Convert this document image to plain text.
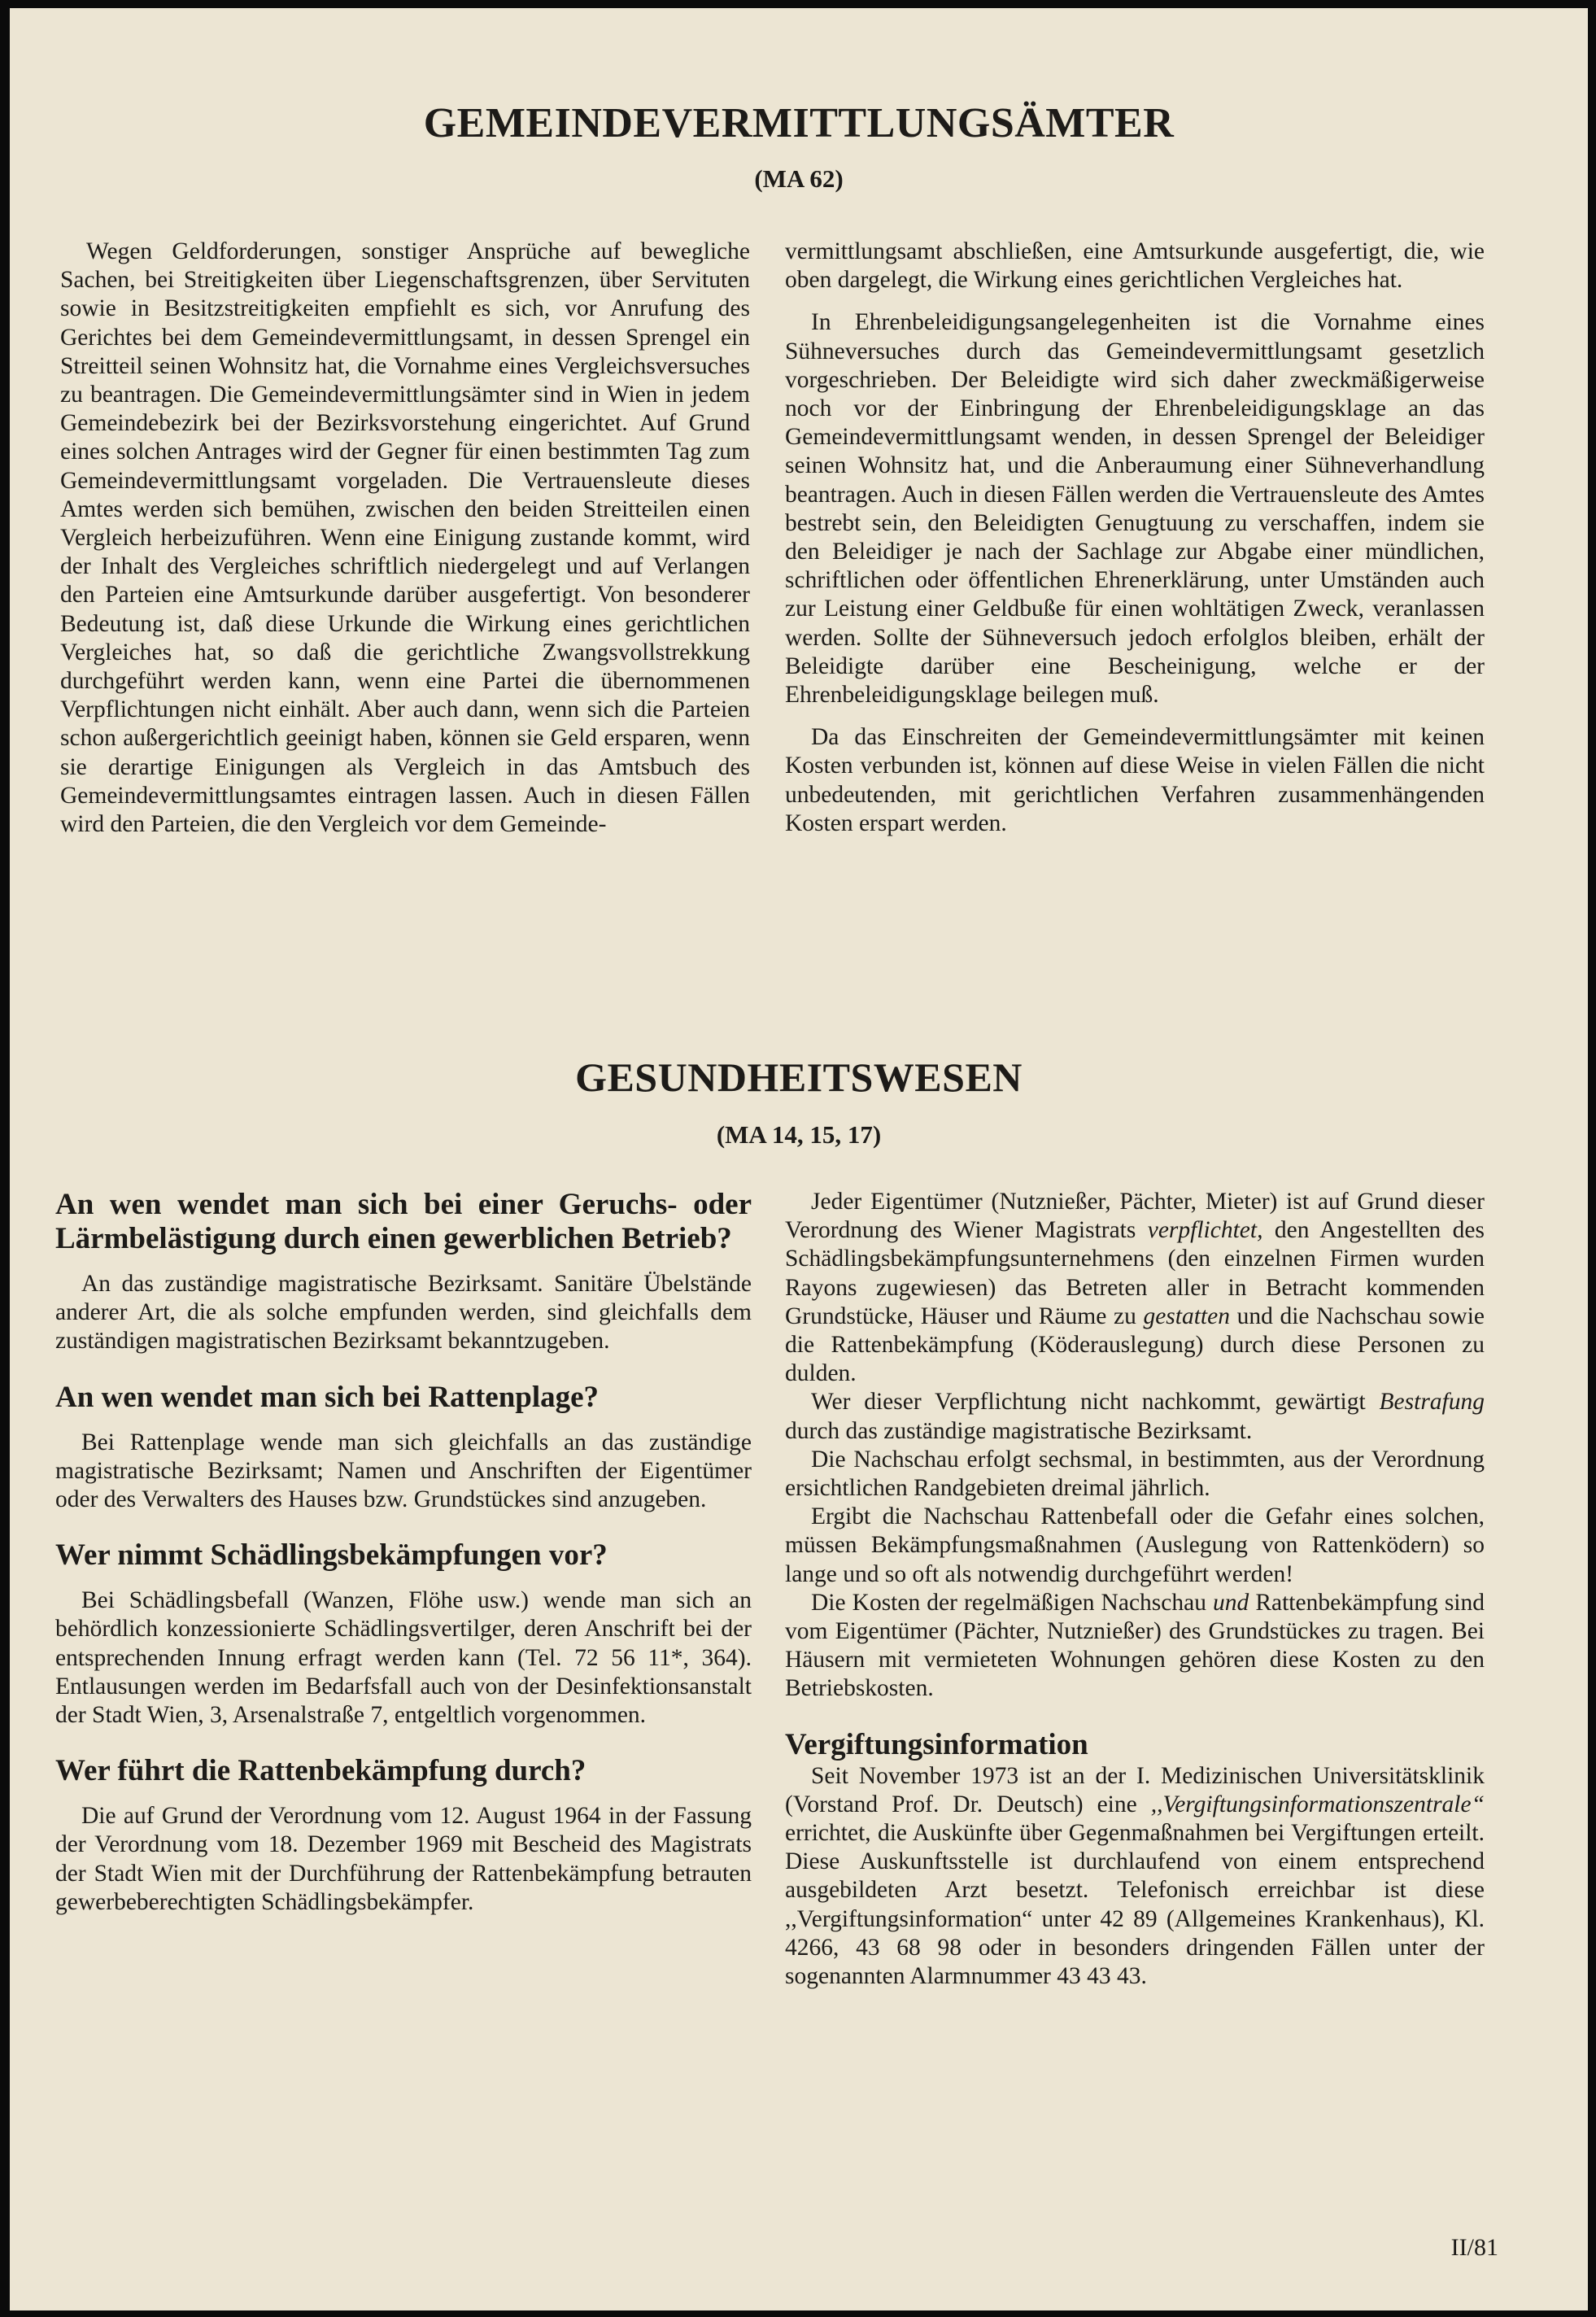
GEMEINDEVERMITTLUNGSÄMTER
(MA 62)

Wegen Geldforderungen, sonstiger Ansprüche auf bewegliche Sachen, bei Streitigkeiten über Liegenschaftsgrenzen, über Servituten sowie in Besitzstreitigkeiten empfiehlt es sich, vor Anrufung des Gerichtes bei dem Gemeindevermittlungsamt, in dessen Sprengel ein Streitteil seinen Wohnsitz hat, die Vornahme eines Vergleichsversuches zu beantragen. Die Gemeindevermittlungsämter sind in Wien in jedem Gemeindebezirk bei der Bezirksvorstehung eingerichtet. Auf Grund eines solchen Antrages wird der Gegner für einen bestimmten Tag zum Gemeindevermittlungsamt vorgeladen. Die Vertrauensleute dieses Amtes werden sich bemühen, zwischen den beiden Streitteilen einen Vergleich herbeizuführen. Wenn eine Einigung zustande kommt, wird der Inhalt des Vergleiches schriftlich niedergelegt und auf Verlangen den Parteien eine Amtsurkunde darüber ausgefertigt. Von besonderer Bedeutung ist, daß diese Urkunde die Wirkung eines gerichtlichen Vergleiches hat, so daß die gerichtliche Zwangsvollstrekkung durchgeführt werden kann, wenn eine Partei die übernommenen Verpflichtungen nicht einhält. Aber auch dann, wenn sich die Parteien schon außergerichtlich geeinigt haben, können sie Geld ersparen, wenn sie derartige Einigungen als Vergleich in das Amtsbuch des Gemeindevermittlungsamtes eintragen lassen. Auch in diesen Fällen wird den Parteien, die den Vergleich vor dem Gemeinde-

vermittlungsamt abschließen, eine Amtsurkunde ausgefertigt, die, wie oben dargelegt, die Wirkung eines gerichtlichen Vergleiches hat.

In Ehrenbeleidigungsangelegenheiten ist die Vornahme eines Sühneversuches durch das Gemeindevermittlungsamt gesetzlich vorgeschrieben. Der Beleidigte wird sich daher zweckmäßigerweise noch vor der Einbringung der Ehrenbeleidigungsklage an das Gemeindevermittlungsamt wenden, in dessen Sprengel der Beleidiger seinen Wohnsitz hat, und die Anberaumung einer Sühneverhandlung beantragen. Auch in diesen Fällen werden die Vertrauensleute des Amtes bestrebt sein, den Beleidigten Genugtuung zu verschaffen, indem sie den Beleidiger je nach der Sachlage zur Abgabe einer mündlichen, schriftlichen oder öffentlichen Ehrenerklärung, unter Umständen auch zur Leistung einer Geldbuße für einen wohltätigen Zweck, veranlassen werden. Sollte der Sühneversuch jedoch erfolglos bleiben, erhält der Beleidigte darüber eine Bescheinigung, welche er der Ehrenbeleidigungsklage beilegen muß.

Da das Einschreiten der Gemeindevermittlungsämter mit keinen Kosten verbunden ist, können auf diese Weise in vielen Fällen die nicht unbedeutenden, mit gerichtlichen Verfahren zusammenhängenden Kosten erspart werden.

GESUNDHEITSWESEN
(MA 14, 15, 17)

An wen wendet man sich bei einer Geruchs- oder Lärmbelästigung durch einen gewerblichen Betrieb?

An das zuständige magistratische Bezirksamt. Sanitäre Übelstände anderer Art, die als solche empfunden werden, sind gleichfalls dem zuständigen magistratischen Bezirksamt bekanntzugeben.

An wen wendet man sich bei Rattenplage?

Bei Rattenplage wende man sich gleichfalls an das zuständige magistratische Bezirksamt; Namen und Anschriften der Eigentümer oder des Verwalters des Hauses bzw. Grundstückes sind anzugeben.

Wer nimmt Schädlingsbekämpfungen vor?

Bei Schädlingsbefall (Wanzen, Flöhe usw.) wende man sich an behördlich konzessionierte Schädlingsvertilger, deren Anschrift bei der entsprechenden Innung erfragt werden kann (Tel. 72 56 11*, 364). Entlausungen werden im Bedarfsfall auch von der Desinfektionsanstalt der Stadt Wien, 3, Arsenalstraße 7, entgeltlich vorgenommen.

Wer führt die Rattenbekämpfung durch?

Die auf Grund der Verordnung vom 12. August 1964 in der Fassung der Verordnung vom 18. Dezember 1969 mit Bescheid des Magistrats der Stadt Wien mit der Durchführung der Rattenbekämpfung betrauten gewerbeberechtigten Schädlingsbekämpfer.

Jeder Eigentümer (Nutznießer, Pächter, Mieter) ist auf Grund dieser Verordnung des Wiener Magistrats verpflichtet, den Angestellten des Schädlingsbekämpfungsunternehmens (den einzelnen Firmen wurden Rayons zugewiesen) das Betreten aller in Betracht kommenden Grundstücke, Häuser und Räume zu gestatten und die Nachschau sowie die Rattenbekämpfung (Köderauslegung) durch diese Personen zu dulden.

Wer dieser Verpflichtung nicht nachkommt, gewärtigt Bestrafung durch das zuständige magistratische Bezirksamt.

Die Nachschau erfolgt sechsmal, in bestimmten, aus der Verordnung ersichtlichen Randgebieten dreimal jährlich.

Ergibt die Nachschau Rattenbefall oder die Gefahr eines solchen, müssen Bekämpfungsmaßnahmen (Auslegung von Rattenködern) so lange und so oft als notwendig durchgeführt werden!

Die Kosten der regelmäßigen Nachschau und Rattenbekämpfung sind vom Eigentümer (Pächter, Nutznießer) des Grundstückes zu tragen. Bei Häusern mit vermieteten Wohnungen gehören diese Kosten zu den Betriebskosten.

Vergiftungsinformation

Seit November 1973 ist an der I. Medizinischen Universitätsklinik (Vorstand Prof. Dr. Deutsch) eine ,,Vergiftungsinformationszentrale“ errichtet, die Auskünfte über Gegenmaßnahmen bei Vergiftungen erteilt. Diese Auskunftsstelle ist durchlaufend von einem entsprechend ausgebildeten Arzt besetzt. Telefonisch erreichbar ist diese ,,Vergiftungsinformation“ unter 42 89 (Allgemeines Krankenhaus), Kl. 4266, 43 68 98 oder in besonders dringenden Fällen unter der sogenannten Alarmnummer 43 43 43.

II/81
